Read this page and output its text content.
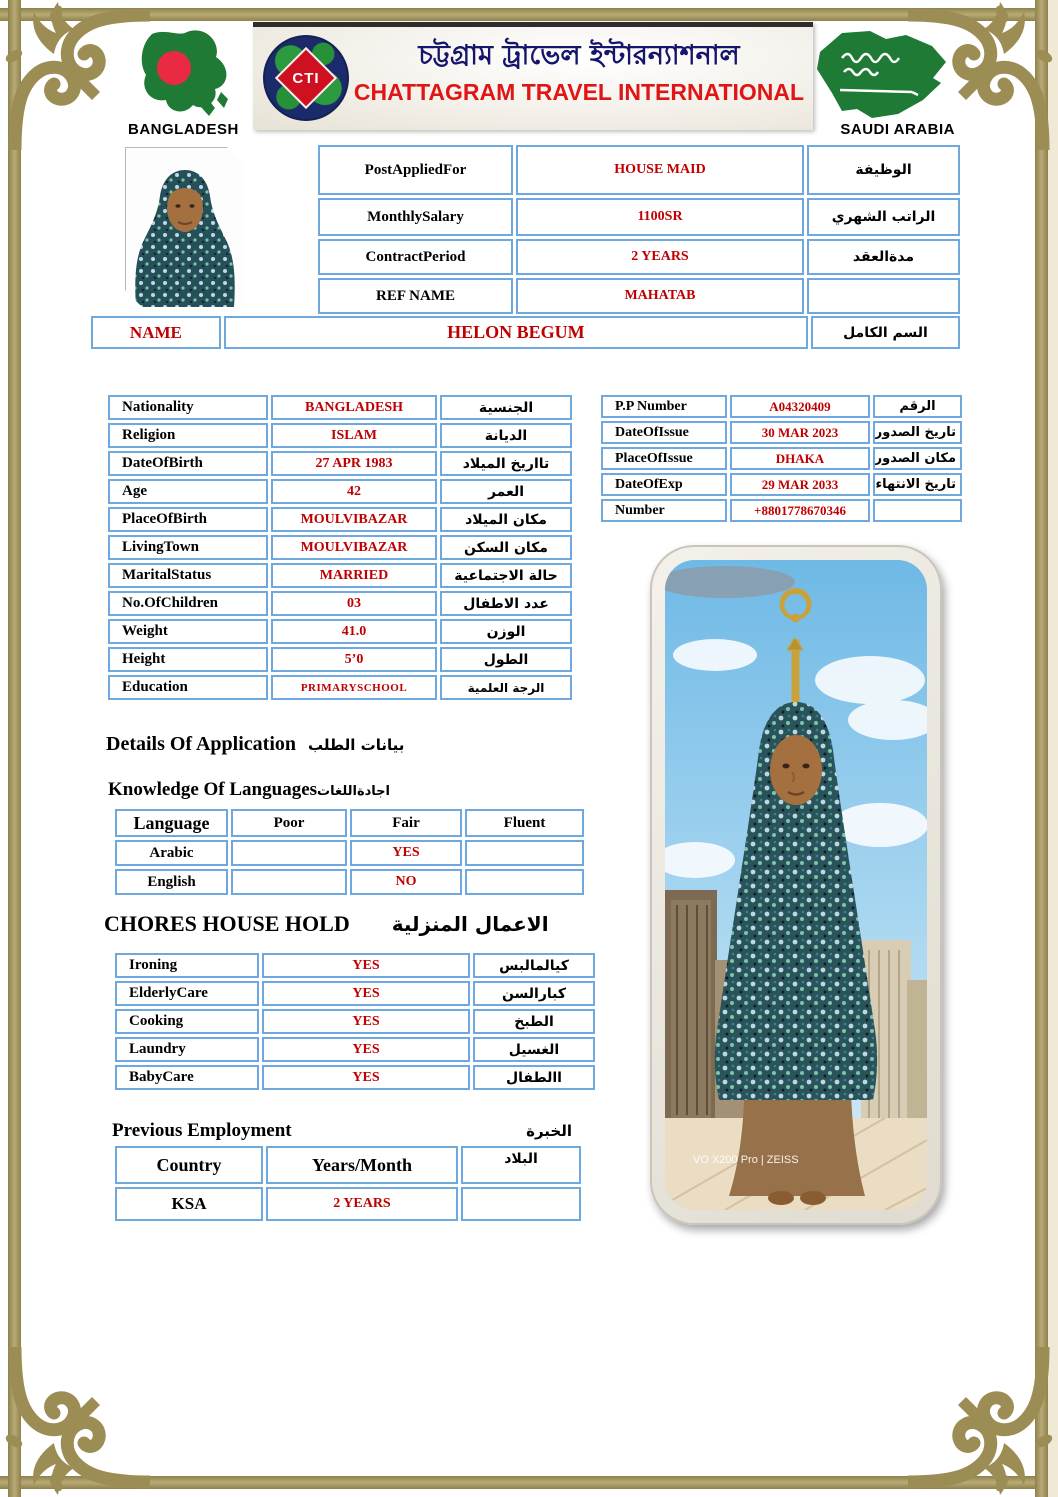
BANGLADESH
CTI
চট্টগ্রাম ট্রাভেল ইন্টারন্যাশনাল
CHATTAGRAM TRAVEL INTERNATIONAL
SAUDI ARABIA
PostAppliedFor	HOUSE MAID	الوظيفة
MonthlySalary	1100SR	الراتب الشهري
ContractPeriod	2 YEARS	مدةالعقد
REF NAME	MAHATAB	
NAME	HELON BEGUM	السم الكامل
Nationality	BANGLADESH	الجنسية
Religion	ISLAM	الديانة
DateOfBirth	27 APR 1983	تااريخ الميلاد
Age	42	العمر
PlaceOfBirth	MOULVIBAZAR	مكان الميلاد
LivingTown	MOULVIBAZAR	مكان السكن
MaritalStatus	MARRIED	حالة الاجتماعية
No.OfChildren	03	عدد الاطفال
Weight	41.0	الوزن
Height	5’0	الطول
Education	PRIMARYSCHOOL	الرجة العلمية
P.P Number	A04320409	الرقم
DateOfIssue	30 MAR 2023	تاريخ الصدور
PlaceOfIssue	DHAKA	مكان الصدور
DateOfExp	29 MAR 2033	تاريخ الانتهاء
Number	+8801778670346	
VO X200 Pro | ZEISS
Details Of Application بيانات الطلب
Knowledge Of Languagesاجادةاللغات
Language	Poor	Fair	Fluent
Arabic		YES	
English		NO	
CHORES HOUSE HOLD الاعمال المنزلية
Ironing	YES	كيالمالبس
ElderlyCare	YES	كبارالسن
Cooking	YES	الطبخ
Laundry	YES	الغسيل
BabyCare	YES	االطفال
Previous Employment	الخبرة
Country	Years/Month	البلاد
KSA	2 YEARS	
